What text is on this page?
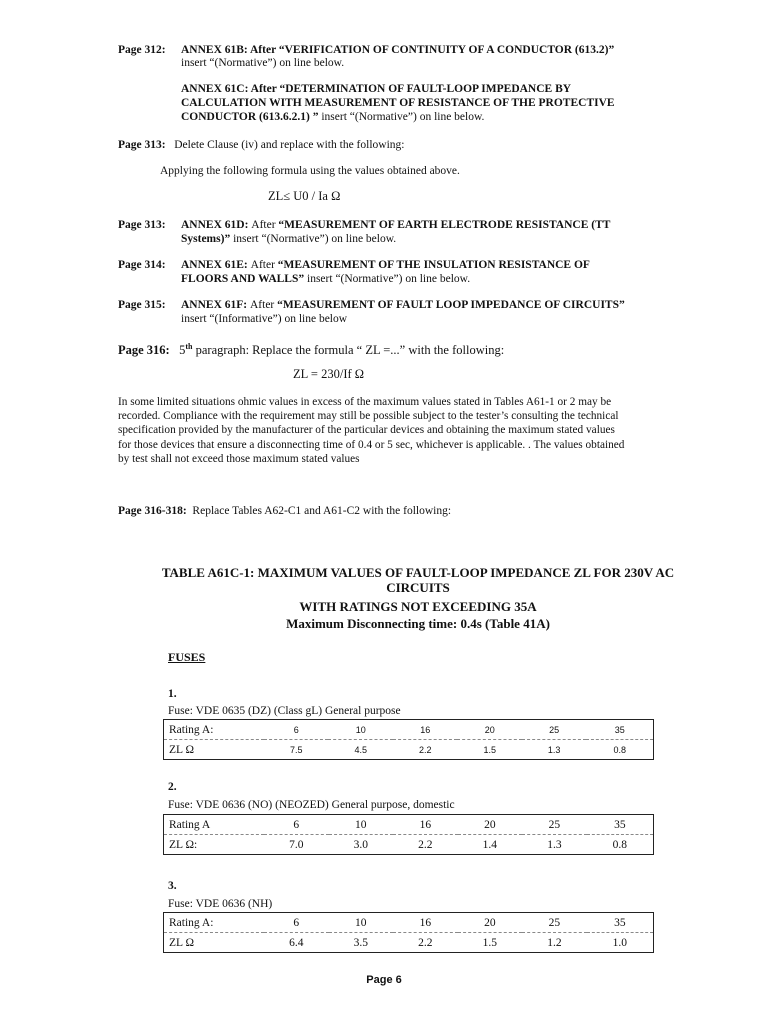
Page 312: ANNEX 61B: After “VERIFICATION OF CONTINUITY OF A CONDUCTOR (613.2)”
insert “(Normative”) on line below.
ANNEX 61C: After “DETERMINATION OF FAULT-LOOP IMPEDANCE BY
CALCULATION WITH MEASUREMENT OF RESISTANCE OF THE PROTECTIVE
CONDUCTOR (613.6.2.1) ” insert “(Normative”) on line below.
Page 313: Delete Clause (iv) and replace with the following:
Applying the following formula using the values obtained above.
ZL≤ U0 / Ia Ω
Page 313: ANNEX 61D: After “MEASUREMENT OF EARTH ELECTRODE RESISTANCE (TT
Systems)” insert “(Normative”) on line below.
Page 314: ANNEX 61E: After “MEASUREMENT OF THE INSULATION RESISTANCE OF
FLOORS AND WALLS” insert “(Normative”) on line below.
Page 315: ANNEX 61F: After “MEASUREMENT OF FAULT LOOP IMPEDANCE OF CIRCUITS”
insert “(Informative”) on line below
Page 316: 5th paragraph: Replace the formula “ ZL =...” with the following:
ZL = 230/If Ω
In some limited situations ohmic values in excess of the maximum values stated in Tables A61-1 or 2 may be
recorded. Compliance with the requirement may still be possible subject to the tester’s consulting the technical
specification provided by the manufacturer of the particular devices and obtaining the maximum stated values
for those devices that ensure a disconnecting time of 0.4 or 5 sec, whichever is applicable. . The values obtained
by test shall not exceed those maximum stated values
Page 316-318: Replace Tables A62-C1 and A61-C2 with the following:
TABLE A61C-1: MAXIMUM VALUES OF FAULT-LOOP IMPEDANCE ZL FOR 230V AC
CIRCUITS
WITH RATINGS NOT EXCEEDING 35A
Maximum Disconnecting time: 0.4s (Table 41A)
FUSES
1.
Fuse: VDE 0635 (DZ) (Class gL) General purpose
Rating A:	6	10	16	20	25	35
ZL Ω	7.5	4.5	2.2	1.5	1.3	0.8
2.
Fuse: VDE 0636 (NO) (NEOZED) General purpose, domestic
Rating A	6	10	16	20	25	35
ZL Ω:	7.0	3.0	2.2	1.4	1.3	0.8
3.
Fuse: VDE 0636 (NH)
Rating A:	6	10	16	20	25	35
ZL Ω	6.4	3.5	2.2	1.5	1.2	1.0
Page 6
